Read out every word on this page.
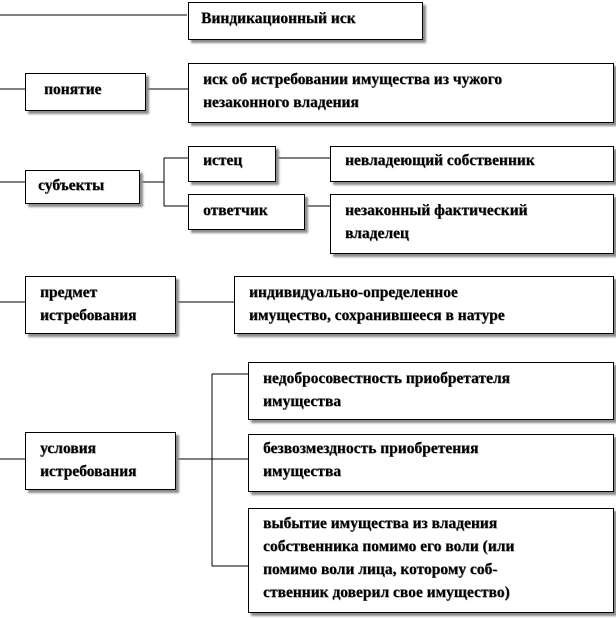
Виндикационный иск
понятие
иск об истребовании имущества из чужого
незаконного владения
субъекты
истец
ответчик
невладеющий собственник
незаконный фактический
владелец
предмет
истребования
индивидуально-определенное
имущество, сохранившееся в натуре
условия
истребования
недобросовестность приобретателя
имущества
безвозмездность приобретения
имущества
выбытие имущества из владения
собственника помимо его воли (или
помимо воли лица, которому соб-
ственник доверил свое имущество)
